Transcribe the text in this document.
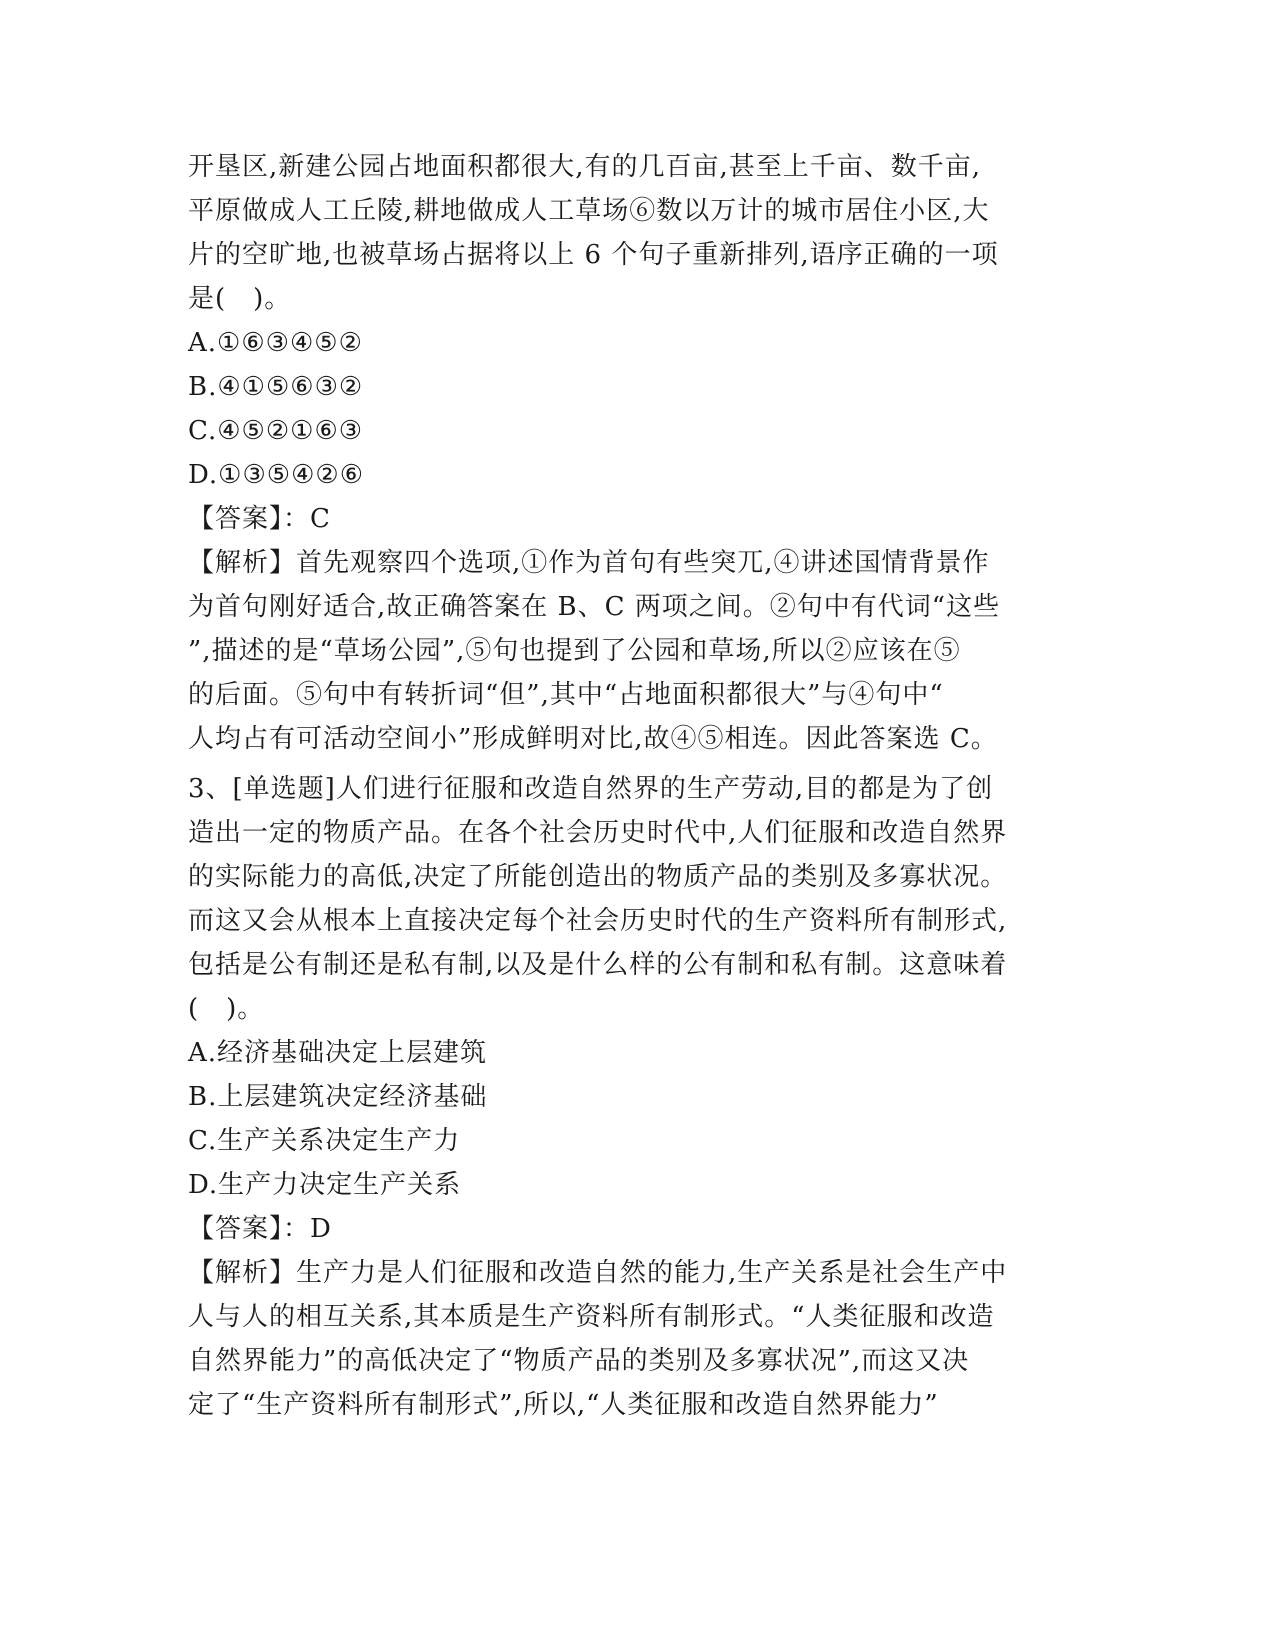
开垦区,新建公园占地面积都很大,有的几百亩,甚至上千亩、数千亩,
平原做成人工丘陵,耕地做成人工草场⑥数以万计的城市居住小区,大
片的空旷地,也被草场占据将以上 6 个句子重新排列,语序正确的一项
是(　)。
A.①⑥③④⑤②
B.④①⑤⑥③②
C.④⑤②①⑥③
D.①③⑤④②⑥
【答案】：C
【解析】首先观察四个选项,①作为首句有些突兀,④讲述国情背景作
为首句刚好适合,故正确答案在 B、C 两项之间。②句中有代词“这些
”,描述的是“草场公园”,⑤句也提到了公园和草场,所以②应该在⑤
的后面。⑤句中有转折词“但”,其中“占地面积都很大”与④句中“
人均占有可活动空间小”形成鲜明对比,故④⑤相连。因此答案选 C。
3、[单选题]人们进行征服和改造自然界的生产劳动,目的都是为了创
造出一定的物质产品。在各个社会历史时代中,人们征服和改造自然界
的实际能力的高低,决定了所能创造出的物质产品的类别及多寡状况。
而这又会从根本上直接决定每个社会历史时代的生产资料所有制形式,
包括是公有制还是私有制,以及是什么样的公有制和私有制。这意味着
(　)。
A.经济基础决定上层建筑
B.上层建筑决定经济基础
C.生产关系决定生产力
D.生产力决定生产关系
【答案】：D
【解析】生产力是人们征服和改造自然的能力,生产关系是社会生产中
人与人的相互关系,其本质是生产资料所有制形式。“人类征服和改造
自然界能力”的高低决定了“物质产品的类别及多寡状况”,而这又决
定了“生产资料所有制形式”,所以,“人类征服和改造自然界能力”
